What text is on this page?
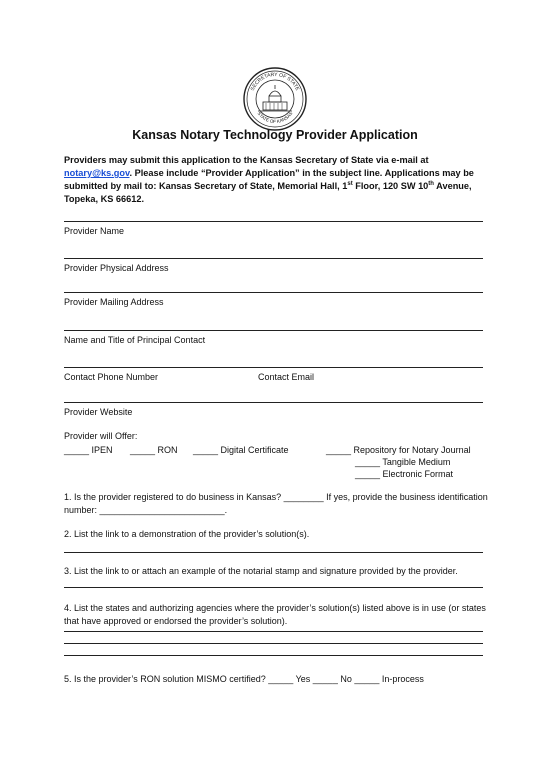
SECRETARY OF STATE
STATE OF KANSAS
Kansas Notary Technology Provider Application
Providers may submit this application to the Kansas Secretary of State via e-mail at notary@ks.gov. Please include “Provider Application” in the subject line. Applications may be submitted by mail to: Kansas Secretary of State, Memorial Hall, 1st Floor, 120 SW 10th Avenue, Topeka, KS 66612.
Provider Name
Provider Physical Address
Provider Mailing Address
Name and Title of Principal Contact
Contact Phone Number	Contact Email
Provider Website
Provider will Offer:
_____ IPEN _____ RON _____ Digital Certificate	_____ Repository for Notary Journal
_____ Tangible Medium
_____ Electronic Format
1. Is the provider registered to do business in Kansas? ________ If yes, provide the business identification number: _________________________.
2. List the link to a demonstration of the provider’s solution(s).
3. List the link to or attach an example of the notarial stamp and signature provided by the provider.
4. List the states and authorizing agencies where the provider’s solution(s) listed above is in use (or states that have approved or endorsed the provider’s solution).
5. Is the provider’s RON solution MISMO certified? _____ Yes _____ No _____ In-process
